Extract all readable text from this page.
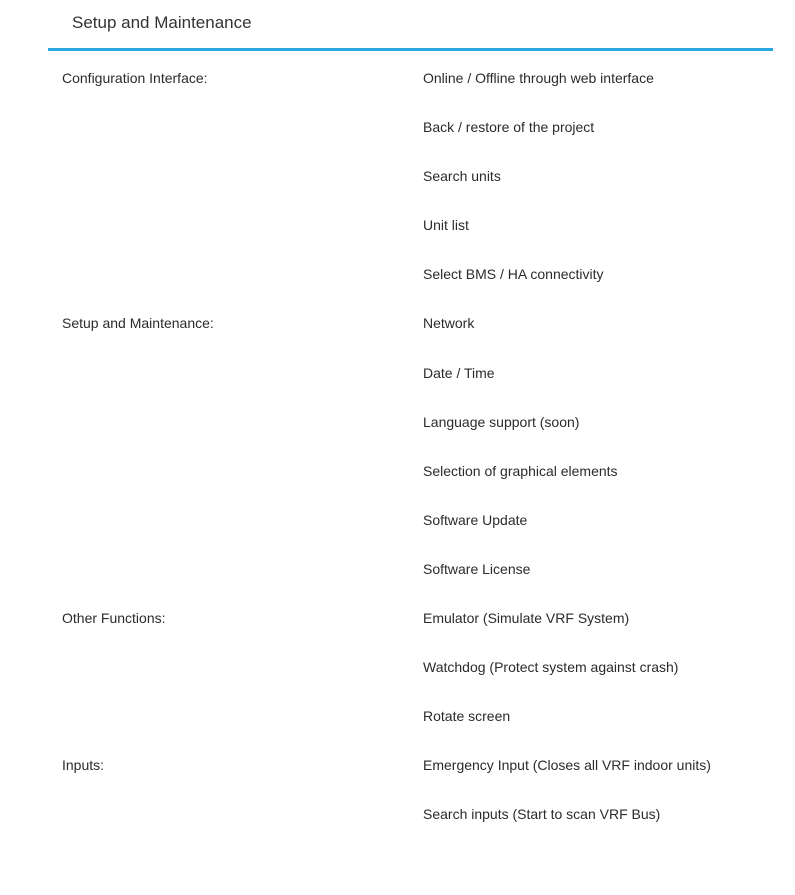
Setup and Maintenance
Configuration Interface:	Online / Offline through web interface
Back / restore of the project
Search units
Unit list
Select BMS / HA connectivity
Setup and Maintenance:	Network
Date / Time
Language support (soon)
Selection of graphical elements
Software Update
Software License
Other Functions:	Emulator (Simulate VRF System)
Watchdog (Protect system against crash)
Rotate screen
Inputs:	Emergency Input (Closes all VRF indoor units)
Search inputs (Start to scan VRF Bus)
